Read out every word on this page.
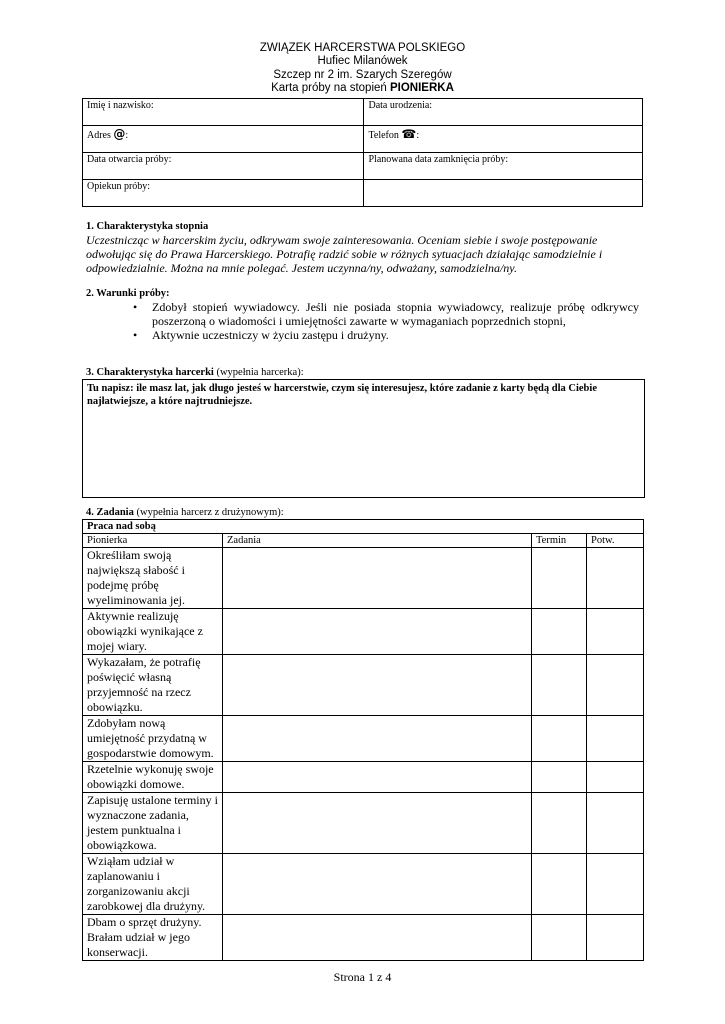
ZWIĄZEK HARCERSTWA POLSKIEGO
Hufiec Milanówek
Szczep nr 2 im. Szarych Szeregów
Karta próby na stopień PIONIERKA
Imię i nazwisko:	Data urodzenia:
Adres @:	Telefon ☎:
Data otwarcia próby:	Planowana data zamknięcia próby:
Opiekun próby:	
1. Charakterystyka stopnia
Uczestnicząc w harcerskim życiu, odkrywam swoje zainteresowania. Oceniam siebie i swoje postępowanie odwołując się do Prawa Harcerskiego. Potrafię radzić sobie w różnych sytuacjach działając samodzielnie i odpowiedzialnie. Można na mnie polegać. Jestem uczynna/ny, odważany, samodzielna/ny.
2. Warunki próby:
• Zdobył stopień wywiadowcy. Jeśli nie posiada stopnia wywiadowcy, realizuje próbę odkrywcy poszerzoną o wiadomości i umiejętności zawarte w wymaganiach poprzednich stopni,
• Aktywnie uczestniczy w życiu zastępu i drużyny.
3. Charakterystyka harcerki (wypełnia harcerka):
Tu napisz: ile masz lat, jak długo jesteś w harcerstwie, czym się interesujesz, które zadanie z karty będą dla Ciebie najłatwiejsze, a które najtrudniejsze.
4. Zadania (wypełnia harcerz z drużynowym):
Praca nad sobą			
Pionierka	Zadania	Termin	Potw.
Określiłam swoją największą słabość i podejmę próbę wyeliminowania jej.			
Aktywnie realizuję obowiązki wynikające z mojej wiary.			
Wykazałam, że potrafię poświęcić własną przyjemność na rzecz obowiązku.			
Zdobyłam nową umiejętność przydatną w gospodarstwie domowym.			
Rzetelnie wykonuję swoje obowiązki domowe.			
Zapisuję ustalone terminy i wyznaczone zadania, jestem punktualna i obowiązkowa.			
Wziąłam udział w zaplanowaniu i zorganizowaniu akcji zarobkowej dla drużyny.			
Dbam o sprzęt drużyny. Brałam udział w jego konserwacji.			
Strona 1 z 4
